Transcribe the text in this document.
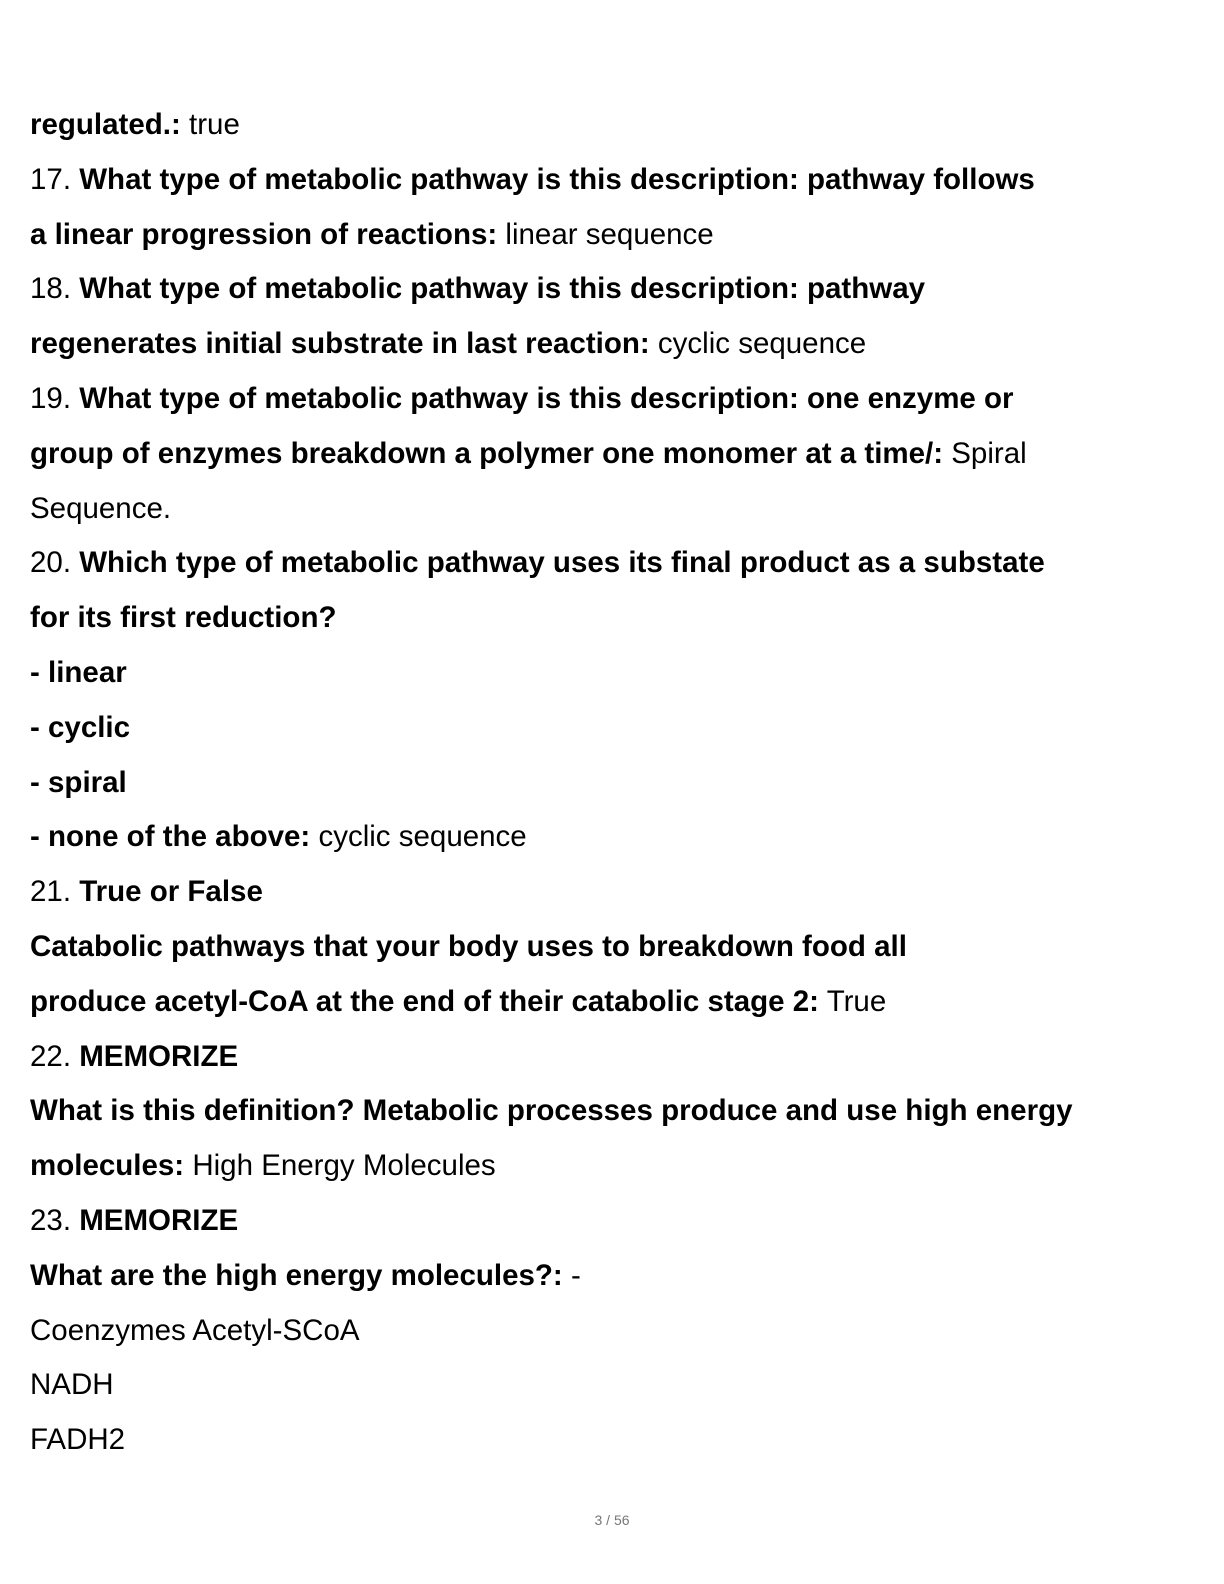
regulated.: true
17. What type of metabolic pathway is this description: pathway follows
a linear progression of reactions: linear sequence
18. What type of metabolic pathway is this description: pathway
regenerates initial substrate in last reaction: cyclic sequence
19. What type of metabolic pathway is this description: one enzyme or
group of enzymes breakdown a polymer one monomer at a time/: Spiral
Sequence.
20. Which type of metabolic pathway uses its final product as a substate
for its first reduction?
- linear
- cyclic
- spiral
- none of the above: cyclic sequence
21. True or False
Catabolic pathways that your body uses to breakdown food all
produce acetyl-CoA at the end of their catabolic stage 2: True
22. MEMORIZE
What is this definition? Metabolic processes produce and use high energy
molecules: High Energy Molecules
23. MEMORIZE
What are the high energy molecules?: -
Coenzymes Acetyl-SCoA
NADH
FADH2
3 / 56
